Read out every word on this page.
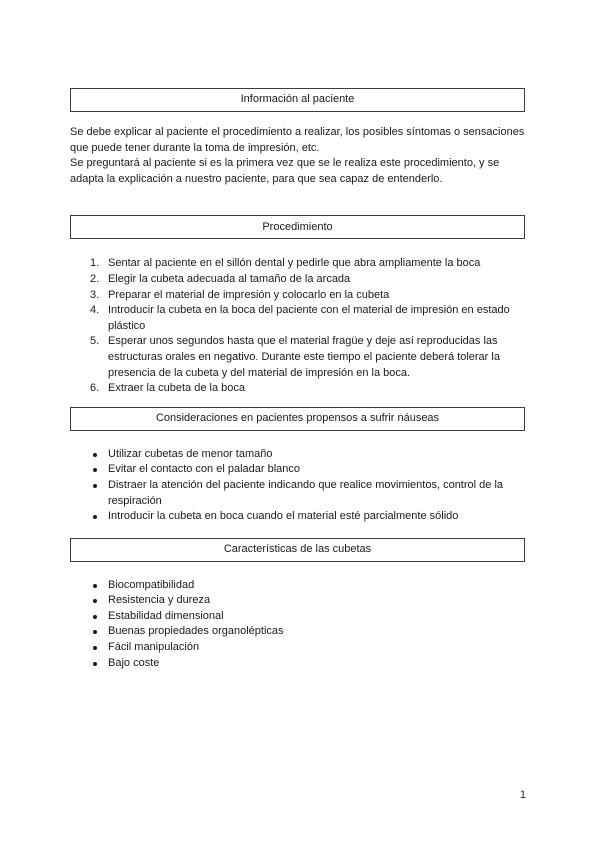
Información al paciente

Se debe explicar al paciente el procedimiento a realizar, los posibles síntomas o sensaciones que puede tener durante la toma de impresión, etc.

Se preguntará al paciente si es la primera vez que se le realiza este procedimiento, y se adapta la explicación a nuestro paciente, para que sea capaz de entenderlo.

Procedimiento
1. Sentar al paciente en el sillón dental y pedirle que abra ampliamente la boca
2. Elegir la cubeta adecuada al tamaño de la arcada
3. Preparar el material de impresión y colocarlo en la cubeta
4. Introducir la cubeta en la boca del paciente con el material de impresión en estado plástico
5. Esperar unos segundos hasta que el material fragüe y deje así reproducidas las estructuras orales en negativo. Durante este tiempo el paciente deberá tolerar la presencia de la cubeta y del material de impresión en la boca.
6. Extraer la cubeta de la boca
Consideraciones en pacientes propensos a sufrir náuseas
Utilizar cubetas de menor tamaño
Evitar el contacto con el paladar blanco
Distraer la atención del paciente indicando que realice movimientos, control de la respiración
Introducir la cubeta en boca cuando el material esté parcialmente sólido
Características de las cubetas
Biocompatibilidad
Resistencia y dureza
Estabilidad dimensional
Buenas propiedades organolépticas
Fácil manipulación
Bajo coste
1
